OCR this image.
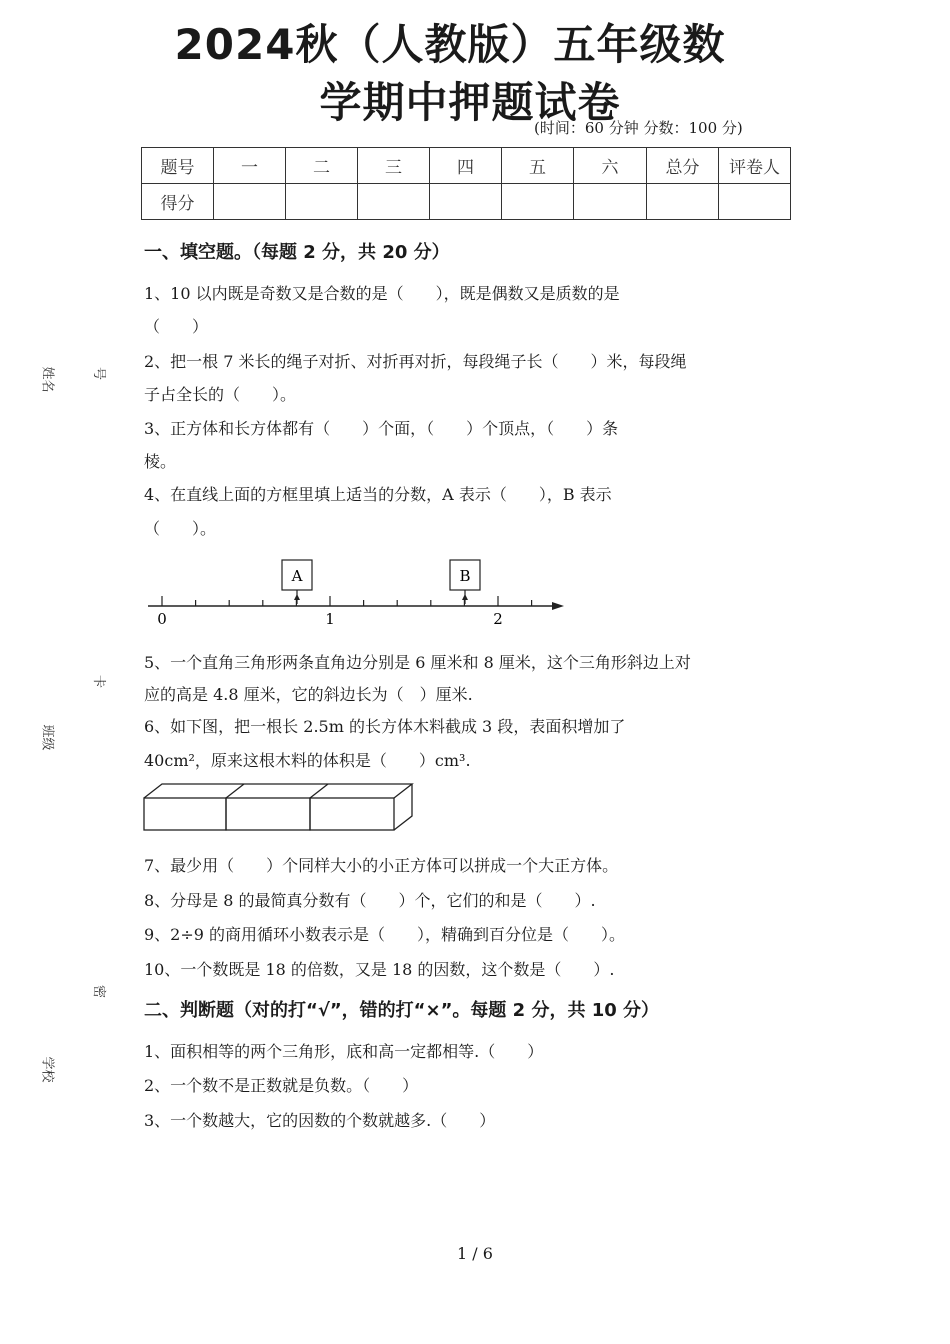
2024秋（人教版）五年级数
学期中押题试卷
(时间：60 分钟 分数：100 分)
题号	一	二	三	四	五	六	总分	评卷人
得分								
一、填空题。（每题 2 分，共 20 分）
1、10 以内既是奇数又是合数的是（　　），既是偶数又是质数的是
（　　）
2、把一根 7 米长的绳子对折、对折再对折，每段绳子长（　　）米，每段绳
子占全长的（　　）。
3、正方体和长方体都有（　　）个面，（　　）个顶点，（　　）条
棱。
4、在直线上面的方框里填上适当的分数，A 表示（　　），B 表示
（　　）。
A	B
0	1	2
5、一个直角三角形两条直角边分别是 6 厘米和 8 厘米，这个三角形斜边上对
应的高是 4.8 厘米，它的斜边长为（　）厘米.
6、如下图，把一根长 2.5m 的长方体木料截成 3 段，表面积增加了
40cm²，原来这根木料的体积是（　　）cm³.
7、最少用（　　）个同样大小的小正方体可以拼成一个大正方体。
8、分母是 8 的最简真分数有（　　）个，它们的和是（　　）.
9、2÷9 的商用循环小数表示是（　　），精确到百分位是（　　）。
10、一个数既是 18 的倍数，又是 18 的因数，这个数是（　　）.
二、判断题（对的打“√”，错的打“×”。每题 2 分，共 10 分）
1、面积相等的两个三角形，底和高一定都相等.（　　）
2、一个数不是正数就是负数。（　　）
3、一个数越大，它的因数的个数就越多.（　　）
姓名	号
班级
卡
学校
密
1 / 6
